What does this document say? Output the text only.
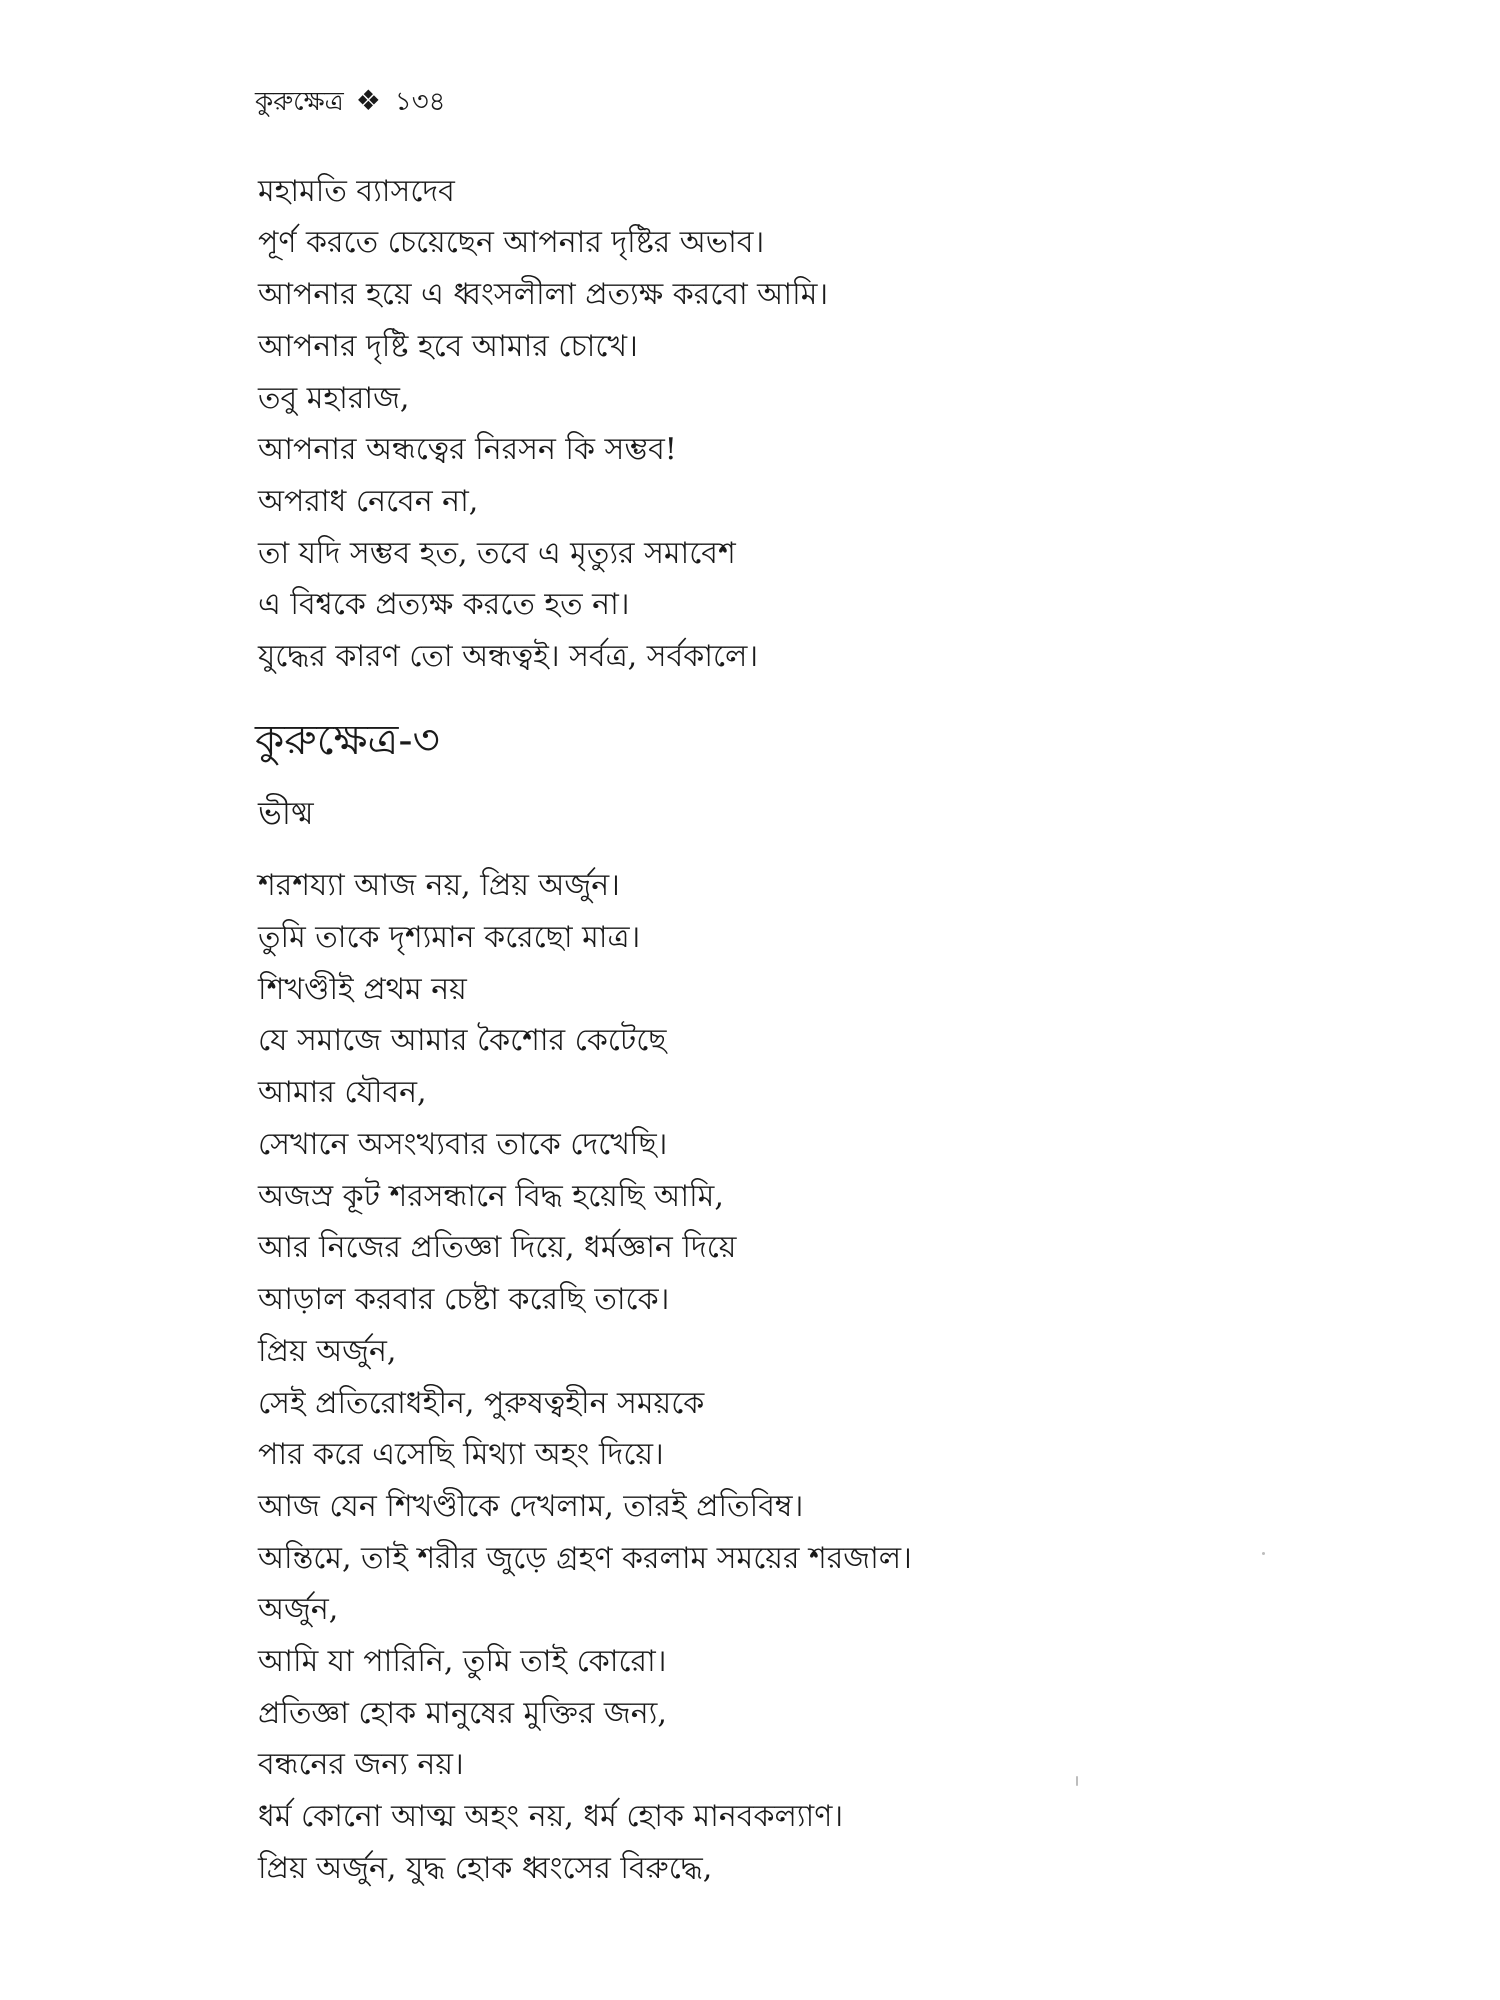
কুরুক্ষেত্র ❖ ১৩৪
মহামতি ব্যাসদেব
পূর্ণ করতে চেয়েছেন আপনার দৃষ্টির অভাব।
আপনার হয়ে এ ধ্বংসলীলা প্রত্যক্ষ করবো আমি।
আপনার দৃষ্টি হবে আমার চোখে।
তবু মহারাজ,
আপনার অন্ধত্বের নিরসন কি সম্ভব!
অপরাধ নেবেন না,
তা যদি সম্ভব হত, তবে এ মৃত্যুর সমাবেশ
এ বিশ্বকে প্রত্যক্ষ করতে হত না।
যুদ্ধের কারণ তো অন্ধত্বই। সর্বত্র, সর্বকালে।
কুরুক্ষেত্র-৩
ভীষ্ম
শরশয্যা আজ নয়, প্রিয় অর্জুন।
তুমি তাকে দৃশ্যমান করেছো মাত্র।
শিখণ্ডীই প্রথম নয়
যে সমাজে আমার কৈশোর কেটেছে
আমার যৌবন,
সেখানে অসংখ্যবার তাকে দেখেছি।
অজস্র কূট শরসন্ধানে বিদ্ধ হয়েছি আমি,
আর নিজের প্রতিজ্ঞা দিয়ে, ধর্মজ্ঞান দিয়ে
আড়াল করবার চেষ্টা করেছি তাকে।
প্রিয় অর্জুন,
সেই প্রতিরোধহীন, পুরুষত্বহীন সময়কে
পার করে এসেছি মিথ্যা অহং দিয়ে।
আজ যেন শিখণ্ডীকে দেখলাম, তারই প্রতিবিম্ব।
অন্তিমে, তাই শরীর জুড়ে গ্রহণ করলাম সময়ের শরজাল।
অর্জুন,
আমি যা পারিনি, তুমি তাই কোরো।
প্রতিজ্ঞা হোক মানুষের মুক্তির জন্য,
বন্ধনের জন্য নয়।
ধর্ম কোনো আত্ম অহং নয়, ধর্ম হোক মানবকল্যাণ।
প্রিয় অর্জুন, যুদ্ধ হোক ধ্বংসের বিরুদ্ধে,
